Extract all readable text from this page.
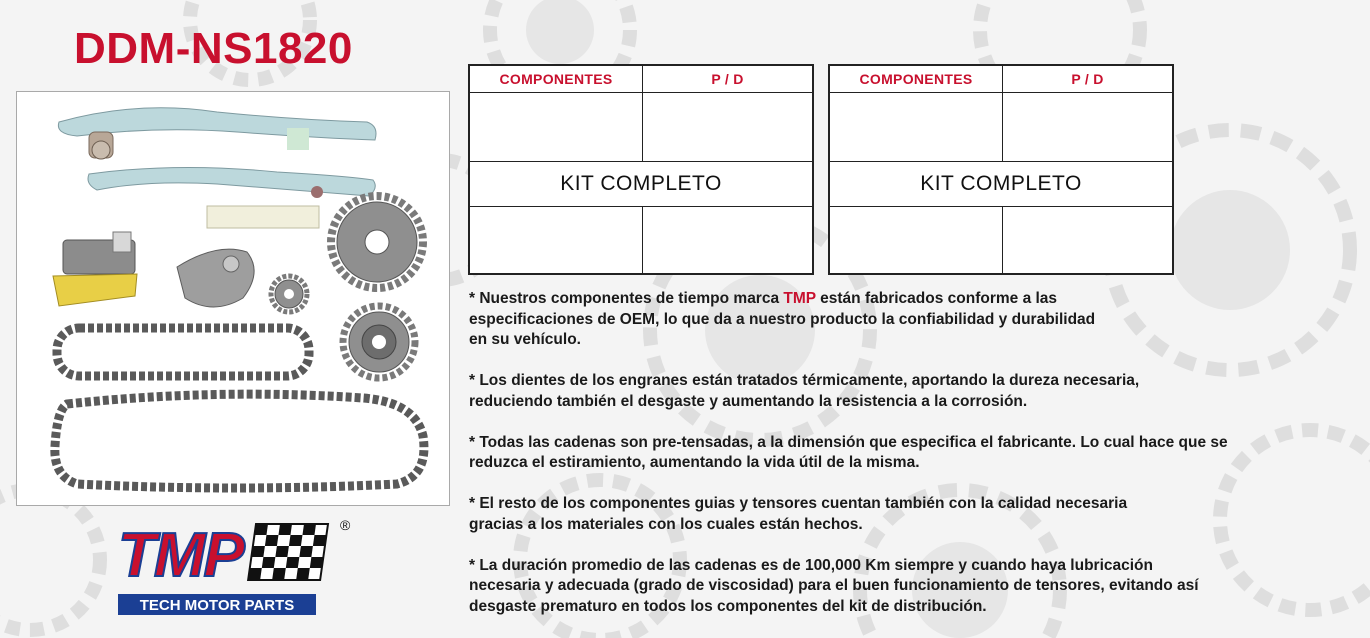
DDM-NS1820
COMPONENTES	P / D

KIT COMPLETO	

COMPONENTES	P / D

KIT COMPLETO	

* Nuestros componentes de tiempo marca TMP están fabricados conforme a las
especificaciones de OEM, lo que da a nuestro producto la confiabilidad y durabilidad
en su vehículo.

* Los dientes de los engranes están tratados térmicamente, aportando la dureza necesaria,
reduciendo también el desgaste y aumentando la resistencia a la corrosión.

* Todas las cadenas son pre-tensadas, a la dimensión que especifica el fabricante. Lo cual hace que se
reduzca el estiramiento, aumentando la vida útil de la misma.

* El resto de los componentes guias y tensores cuentan también con la calidad necesaria
gracias a los materiales con los cuales están hechos.

* La duración promedio de las cadenas es de 100,000 Km siempre y cuando haya lubricación
necesaria y adecuada (grado de viscosidad) para el buen funcionamiento de tensores, evitando así
desgaste prematuro en todos los componentes del kit de distribución.

TMP	®
TECH MOTOR PARTS
